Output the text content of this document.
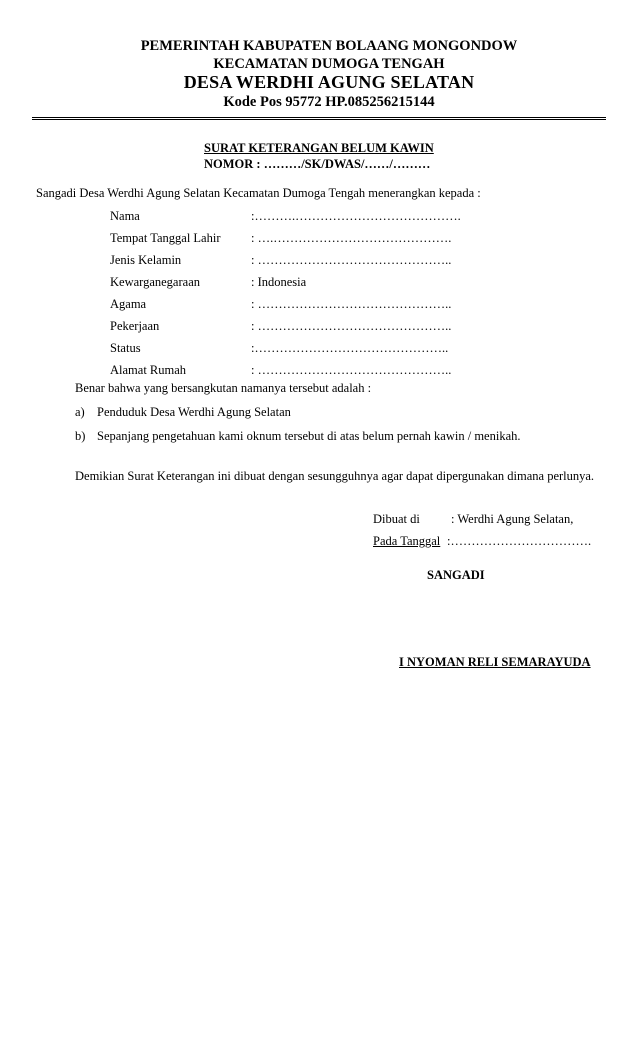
PEMERINTAH KABUPATEN BOLAANG MONGONDOW
KECAMATAN DUMOGA TENGAH
DESA WERDHI AGUNG SELATAN
Kode Pos 95772 HP.085256215144
SURAT KETERANGAN BELUM KAWIN
NOMOR : ………/SK/DWAS/……/………
Sangadi Desa Werdhi Agung Selatan Kecamatan Dumoga Tengah menerangkan kepada :
Nama	:……….………………………………….
Tempat Tanggal Lahir : ….…………………………………….
Jenis Kelamin	: ………………………………………..
Kewarganegaraan	: Indonesia
Agama	: ………………………………………..
Pekerjaan	: ………………………………………..
Status	:………………………………………..
Alamat Rumah	: ………………………………………..
Benar bahwa yang bersangkutan namanya tersebut adalah :
a) Penduduk Desa Werdhi Agung Selatan
b) Sepanjang pengetahuan kami oknum tersebut di atas belum pernah kawin / menikah.
Demikian Surat Keterangan ini dibuat dengan sesungguhnya agar dapat dipergunakan dimana perlunya.
Dibuat di : Werdhi Agung Selatan,
Pada Tanggal :…………………………….
SANGADI
I NYOMAN RELI SEMARAYUDA
